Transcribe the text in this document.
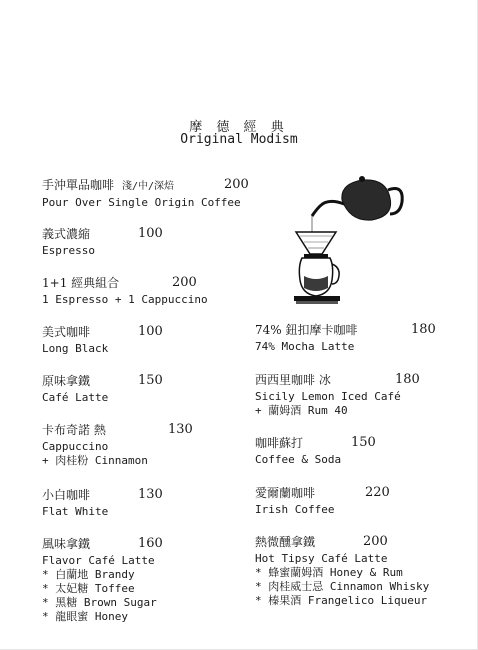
摩 德 經 典
Original Modism
手沖單品咖啡 淺/中/深焙	200
Pour Over Single Origin Coffee
義式濃縮	100
Espresso
1+1 經典組合	200
1 Espresso + 1 Cappuccino
美式咖啡	100
Long Black
原味拿鐵	150
Café Latte
卡布奇諾 熱	130
Cappuccino
+ 肉桂粉 Cinnamon
小白咖啡	130
Flat White
風味拿鐵	160
Flavor Café Latte
* 白蘭地 Brandy
* 太妃糖 Toffee
* 黑糖 Brown Sugar
* 龍眼蜜 Honey
74% 鈕扣摩卡咖啡	180
74% Mocha Latte
西西里咖啡 冰	180
Sicily Lemon Iced Café
+ 蘭姆酒 Rum 40
咖啡蘇打	150
Coffee & Soda
愛爾蘭咖啡	220
Irish Coffee
熱微醺拿鐵	200
Hot Tipsy Café Latte
* 蜂蜜蘭姆酒 Honey & Rum
* 肉桂威士忌 Cinnamon Whisky
* 榛果酒 Frangelico Liqueur
